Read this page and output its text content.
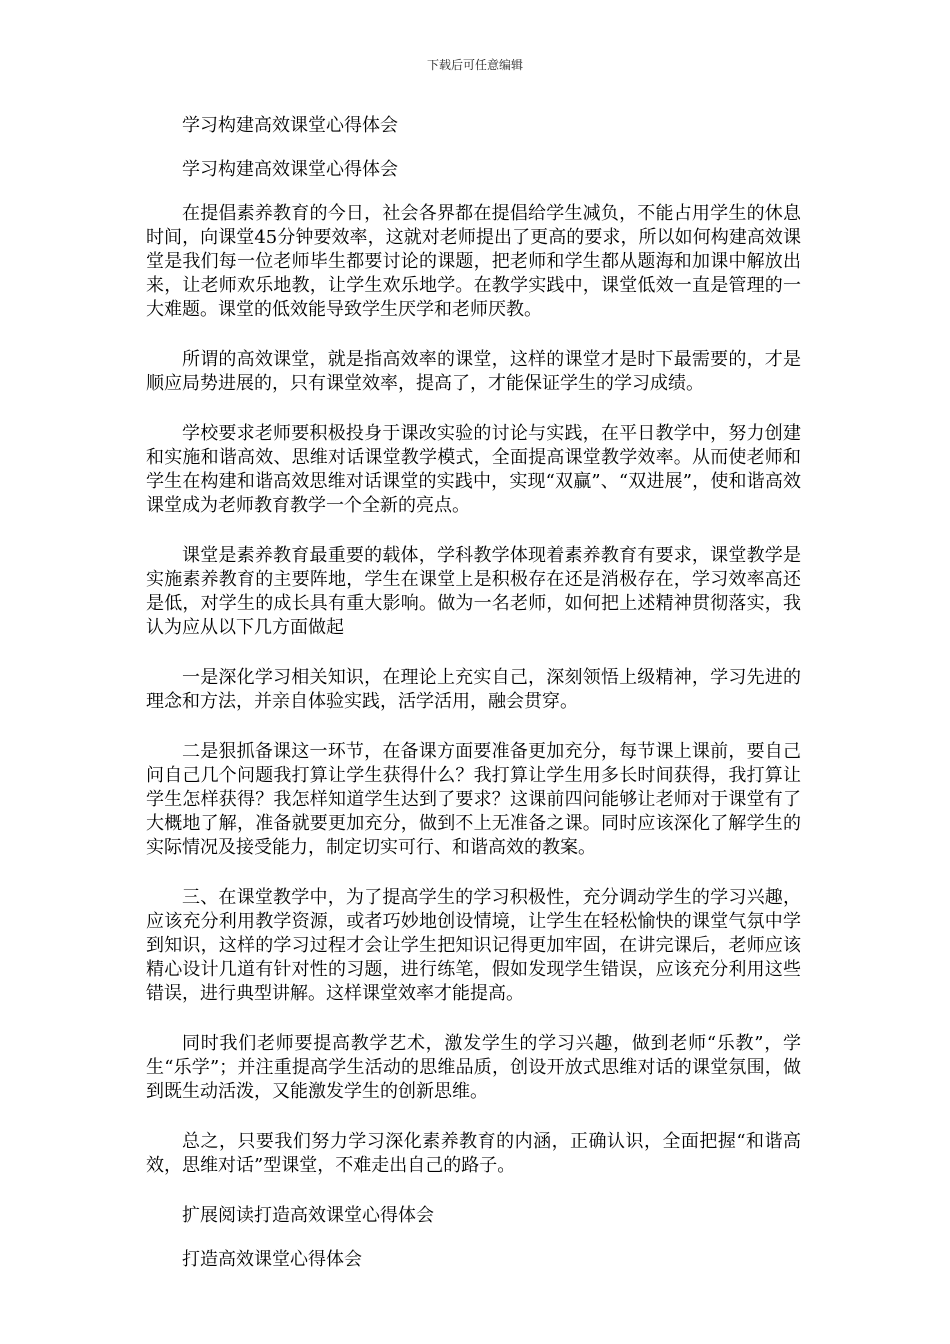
下载后可任意编辑

学习构建高效课堂心得体会

学习构建高效课堂心得体会

在提倡素养教育的今日，社会各界都在提倡给学生减负，不能占用学生的休息时间，向课堂45分钟要效率，这就对老师提出了更高的要求，所以如何构建高效课堂是我们每一位老师毕生都要讨论的课题，把老师和学生都从题海和加课中解放出来，让老师欢乐地教，让学生欢乐地学。在教学实践中，课堂低效一直是管理的一大难题。课堂的低效能导致学生厌学和老师厌教。

所谓的高效课堂，就是指高效率的课堂，这样的课堂才是时下最需要的，才是顺应局势进展的，只有课堂效率，提高了，才能保证学生的学习成绩。

学校要求老师要积极投身于课改实验的讨论与实践，在平日教学中，努力创建和实施和谐高效、思维对话课堂教学模式，全面提高课堂教学效率。从而使老师和学生在构建和谐高效思维对话课堂的实践中，实现“双赢”、“双进展”，使和谐高效课堂成为老师教育教学一个全新的亮点。

课堂是素养教育最重要的载体，学科教学体现着素养教育有要求，课堂教学是实施素养教育的主要阵地，学生在课堂上是积极存在还是消极存在，学习效率高还是低，对学生的成长具有重大影响。做为一名老师，如何把上述精神贯彻落实，我认为应从以下几方面做起

一是深化学习相关知识，在理论上充实自己，深刻领悟上级精神，学习先进的理念和方法，并亲自体验实践，活学活用，融会贯穿。

二是狠抓备课这一环节，在备课方面要准备更加充分，每节课上课前，要自己问自己几个问题我打算让学生获得什么？我打算让学生用多长时间获得，我打算让学生怎样获得？我怎样知道学生达到了要求？这课前四问能够让老师对于课堂有了大概地了解，准备就要更加充分，做到不上无准备之课。同时应该深化了解学生的实际情况及接受能力，制定切实可行、和谐高效的教案。

三、在课堂教学中，为了提高学生的学习积极性，充分调动学生的学习兴趣，应该充分利用教学资源，或者巧妙地创设情境，让学生在轻松愉快的课堂气氛中学到知识，这样的学习过程才会让学生把知识记得更加牢固，在讲完课后，老师应该精心设计几道有针对性的习题，进行练笔，假如发现学生错误，应该充分利用这些错误，进行典型讲解。这样课堂效率才能提高。

同时我们老师要提高教学艺术，激发学生的学习兴趣，做到老师“乐教”，学生“乐学”；并注重提高学生活动的思维品质，创设开放式思维对话的课堂氛围，做到既生动活泼，又能激发学生的创新思维。

总之，只要我们努力学习深化素养教育的内涵，正确认识，全面把握“和谐高效，思维对话”型课堂，不难走出自己的路子。

扩展阅读打造高效课堂心得体会

打造高效课堂心得体会
